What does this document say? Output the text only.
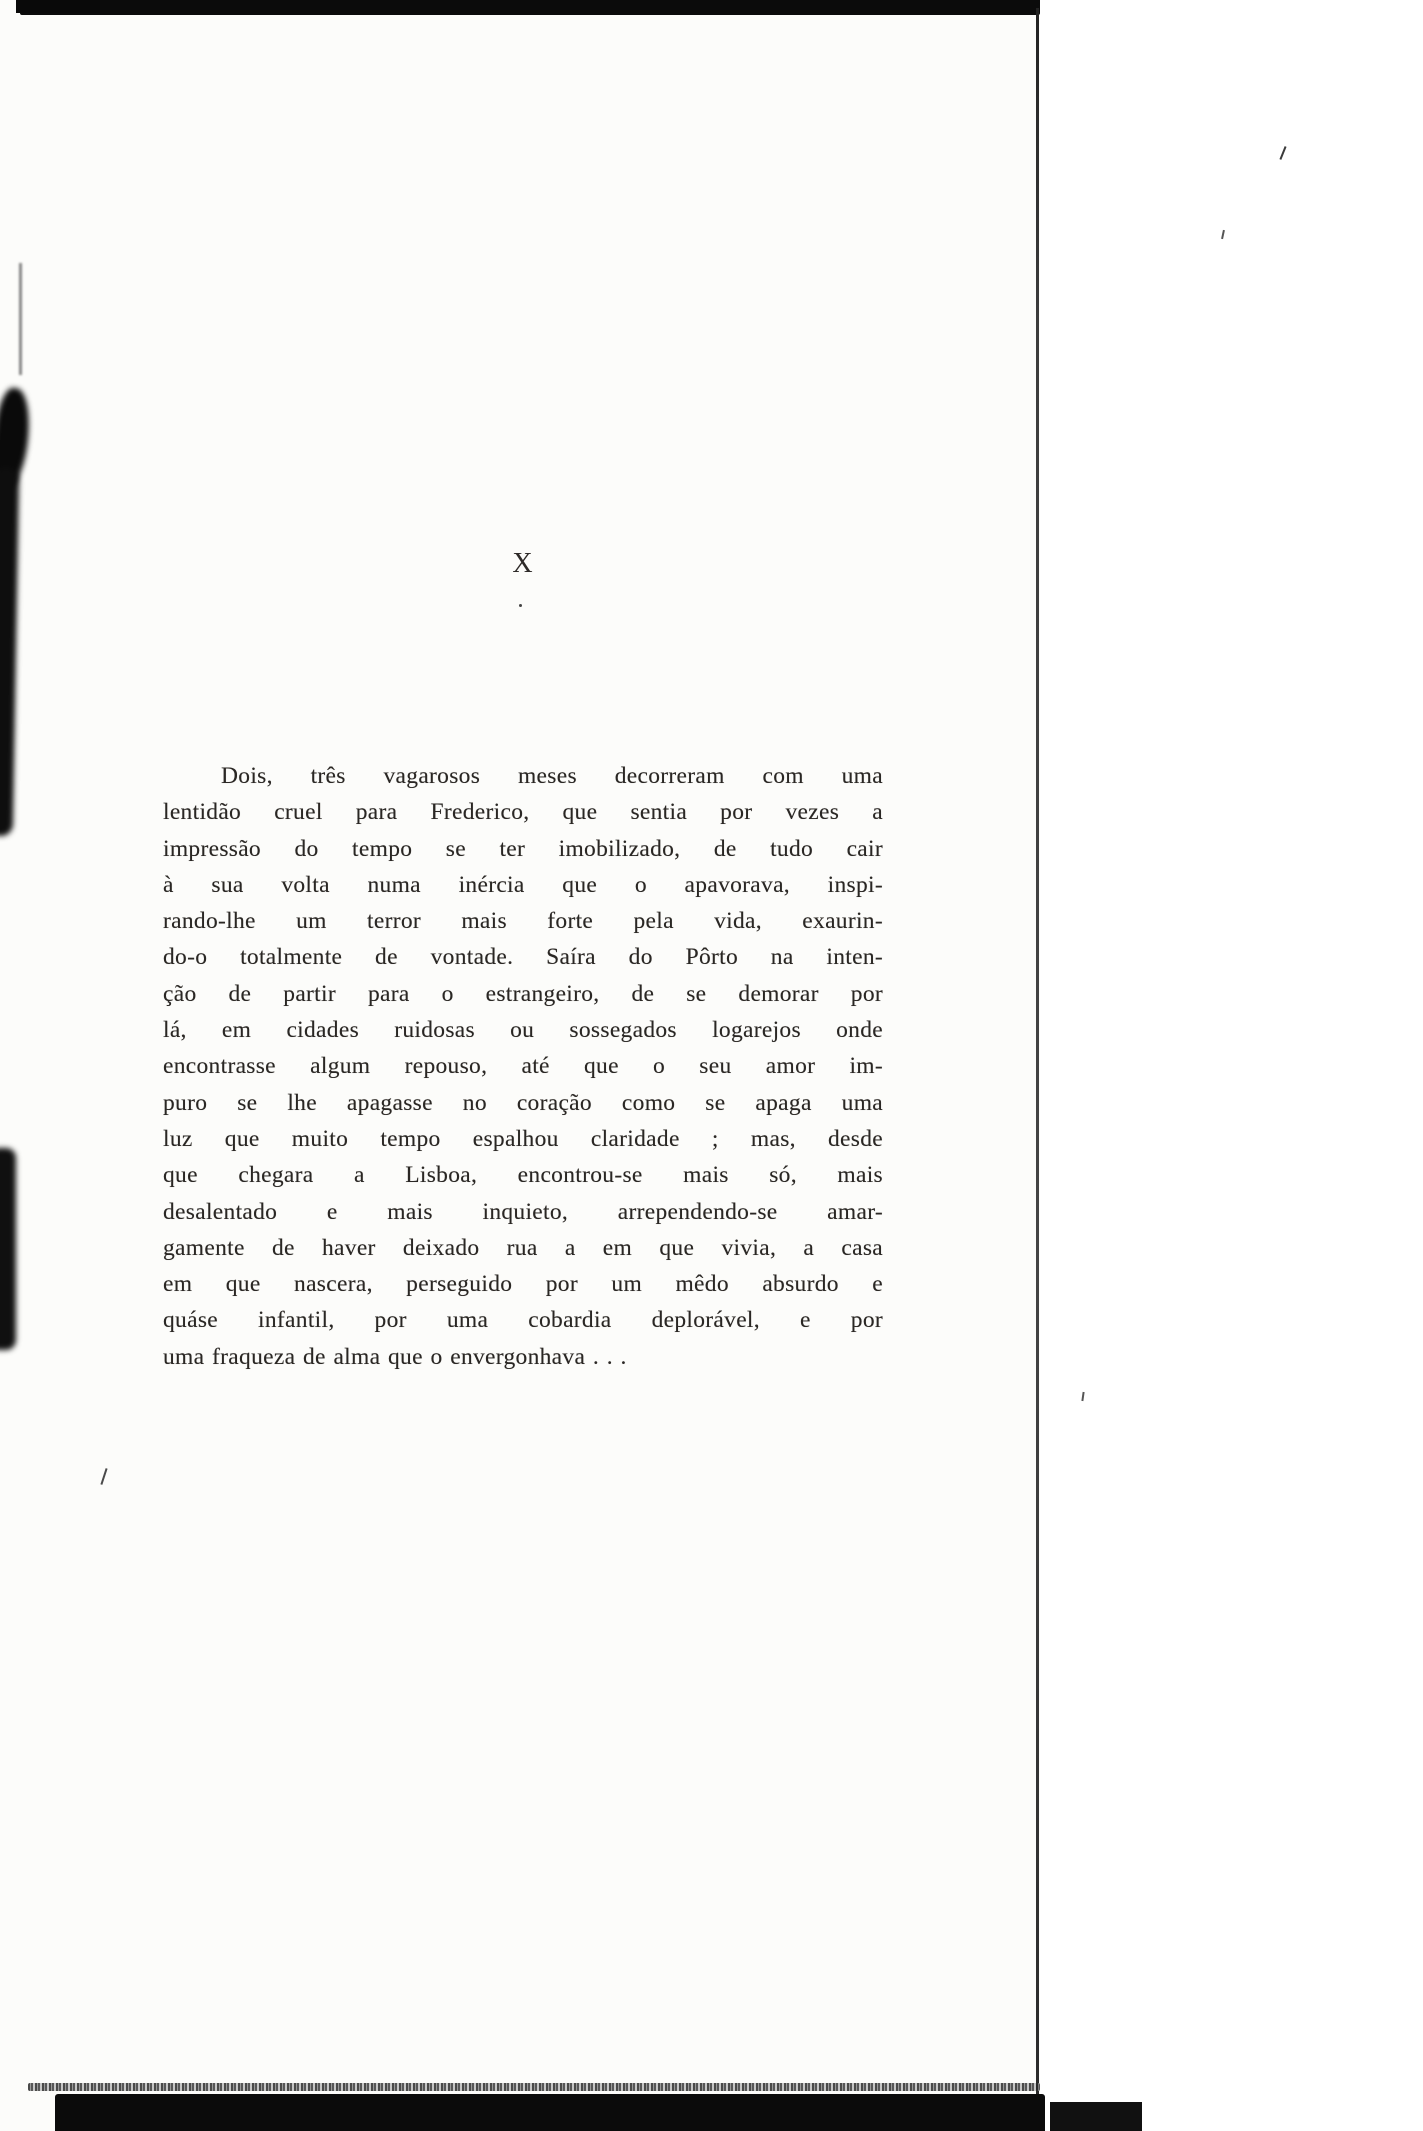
X
Dois, três vagarosos meses decorreram com uma
lentidão cruel para Frederico, que sentia por vezes a
impressão do tempo se ter imobilizado, de tudo cair
à sua volta numa inércia que o apavorava, inspi-
rando-lhe um terror mais forte pela vida, exaurin-
do-o totalmente de vontade. Saíra do Pôrto na inten-
ção de partir para o estrangeiro, de se demorar por
lá, em cidades ruidosas ou sossegados logarejos onde
encontrasse algum repouso, até que o seu amor im-
puro se lhe apagasse no coração como se apaga uma
luz que muito tempo espalhou claridade ; mas, desde
que chegara a Lisboa, encontrou-se mais só, mais
desalentado e mais inquieto, arrependendo-se amar-
gamente de haver deixado rua a em que vivia, a casa
em que nascera, perseguido por um mêdo absurdo e
quáse infantil, por uma cobardia deplorável, e por
uma fraqueza de alma que o envergonhava . . .
